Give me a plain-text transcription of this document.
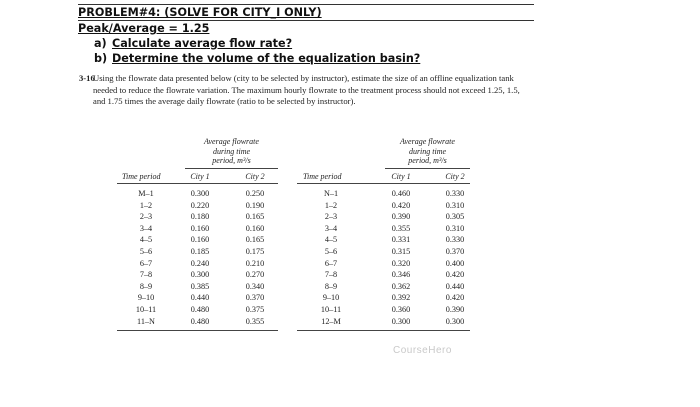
PROBLEM#4: (SOLVE FOR CITY_I ONLY)
Peak/Average = 1.25
a) Calculate average flow rate?
b) Determine the volume of the equalization basin?
3-16
Using the flowrate data presented below (city to be selected by instructor), estimate the size of an offline equalization tank needed to reduce the flowrate variation. The maximum hourly flowrate to the treatment process should not exceed 1.25, 1.5, and 1.75 times the average daily flowrate (ratio to be selected by instructor).
Average flowrate
during time
period, m³/s
Time period	City 1	City 2
M–1	0.300	0.250
1–2	0.220	0.190
2–3	0.180	0.165
3–4	0.160	0.160
4–5	0.160	0.165
5–6	0.185	0.175
6–7	0.240	0.210
7–8	0.300	0.270
8–9	0.385	0.340
9–10	0.440	0.370
10–11	0.480	0.375
11–N	0.480	0.355
Average flowrate
during time
period, m³/s
Time period	City 1	City 2
N–1	0.460	0.330
1–2	0.420	0.310
2–3	0.390	0.305
3–4	0.355	0.310
4–5	0.331	0.330
5–6	0.315	0.370
6–7	0.320	0.400
7–8	0.346	0.420
8–9	0.362	0.440
9–10	0.392	0.420
10–11	0.360	0.390
12–M	0.300	0.300
CourseHero
